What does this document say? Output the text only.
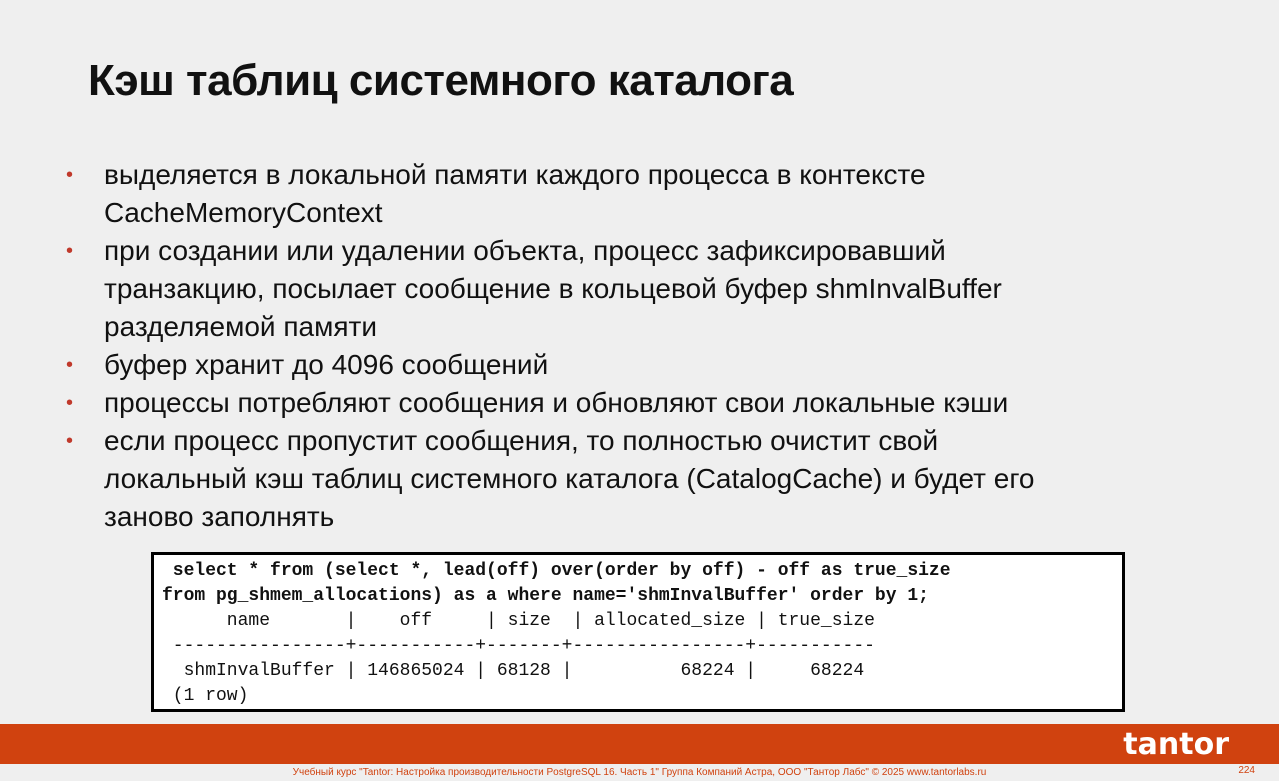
Кэш таблиц системного каталога
• выделяется в локальной памяти каждого процесса в контексте
CacheMemoryContext
• при создании или удалении объекта, процесс зафиксировавший
транзакцию, посылает сообщение в кольцевой буфер shmInvalBuffer
разделяемой памяти
• буфер хранит до 4096 сообщений
• процессы потребляют сообщения и обновляют свои локальные кэши
• если процесс пропустит сообщения, то полностью очистит свой
локальный кэш таблиц системного каталога (CatalogCache) и будет его
заново заполнять
select * from (select *, lead(off) over(order by off) - off as true_size
from pg_shmem_allocations) as a where name='shmInvalBuffer' order by 1;
name       |    off     | size  | allocated_size | true_size
----------------+-----------+-------+----------------+-----------
shmInvalBuffer | 146865024 | 68128 |          68224 |     68224
(1 row)
tantor
Учебный курс "Tantor: Настройка производительности PostgreSQL 16. Часть 1" Группа Компаний Астра, ООО "Тантор Лабс" © 2025 www.tantorlabs.ru	224
